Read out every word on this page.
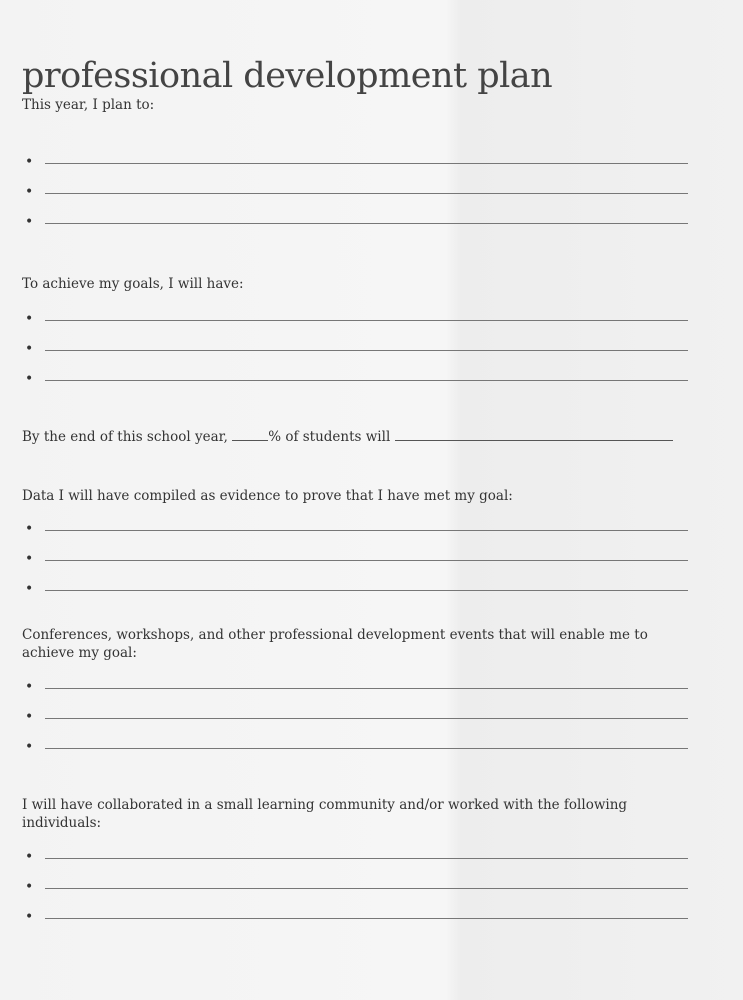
professional development plan
This year, I plan to:
To achieve my goals, I will have:
By the end of this school year,	% of students will
Data I will have compiled as evidence to prove that I have met my goal:
Conferences, workshops, and other professional development events that will enable me to achieve my goal:
I will have collaborated in a small learning community and/or worked with the following individuals:
•
•
•
•
•
•
•
•
•
•
•
•
•
•
•
